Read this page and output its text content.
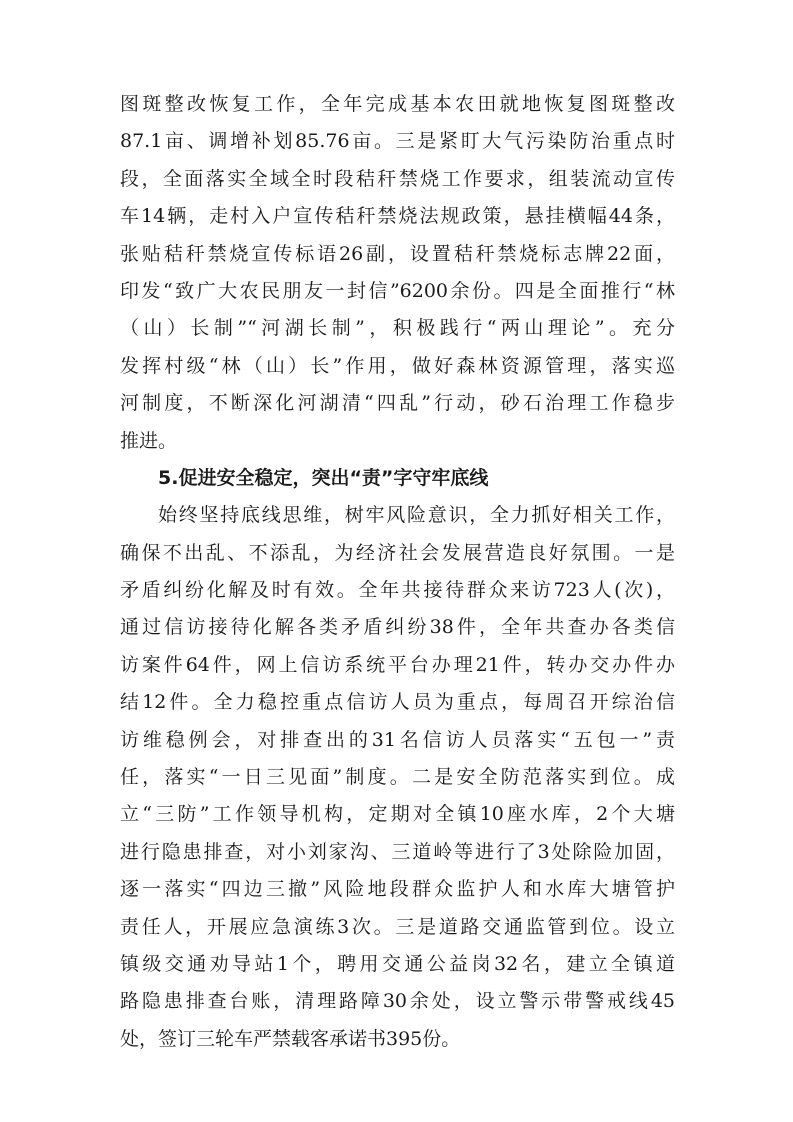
图斑整改恢复工作，全年完成基本农田就地恢复图斑整改
87.1亩、调增补划85.76亩。三是紧盯大气污染防治重点时
段，全面落实全域全时段秸秆禁烧工作要求，组装流动宣传
车14辆，走村入户宣传秸秆禁烧法规政策，悬挂横幅44条，
张贴秸秆禁烧宣传标语26副，设置秸秆禁烧标志牌22面，
印发“致广大农民朋友一封信”6200余份。四是全面推行“林
（山）长制”“河湖长制”，积极践行“两山理论”。充分
发挥村级“林（山）长”作用，做好森林资源管理，落实巡
河制度，不断深化河湖清“四乱”行动，砂石治理工作稳步
推进。
5.促进安全稳定，突出“责”字守牢底线
始终坚持底线思维，树牢风险意识，全力抓好相关工作，
确保不出乱、不添乱，为经济社会发展营造良好氛围。一是
矛盾纠纷化解及时有效。全年共接待群众来访723人(次)，
通过信访接待化解各类矛盾纠纷38件，全年共查办各类信
访案件64件，网上信访系统平台办理21件，转办交办件办
结12件。全力稳控重点信访人员为重点，每周召开综治信
访维稳例会，对排查出的31名信访人员落实“五包一”责
任，落实“一日三见面”制度。二是安全防范落实到位。成
立“三防”工作领导机构，定期对全镇10座水库，2个大塘
进行隐患排查，对小刘家沟、三道岭等进行了3处除险加固，
逐一落实“四边三撤”风险地段群众监护人和水库大塘管护
责任人，开展应急演练3次。三是道路交通监管到位。设立
镇级交通劝导站1个，聘用交通公益岗32名，建立全镇道
路隐患排查台账，清理路障30余处，设立警示带警戒线45
处，签订三轮车严禁载客承诺书395份。
